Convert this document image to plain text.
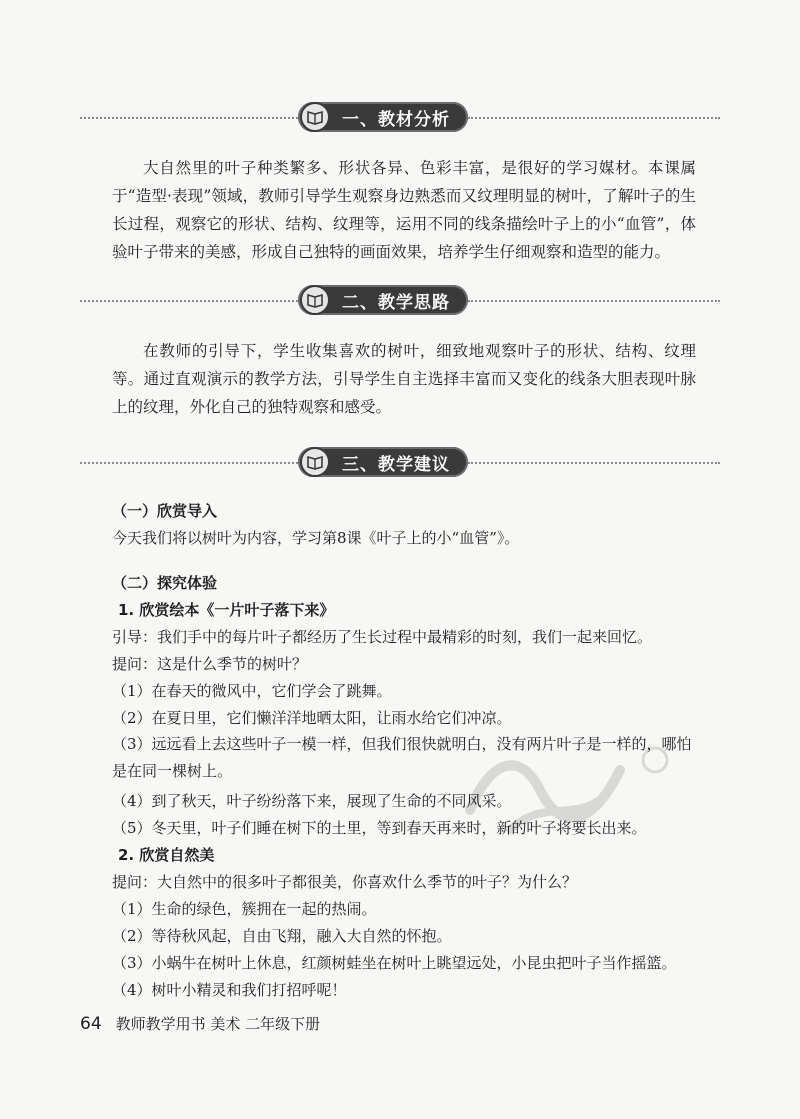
一、教材分析

大自然里的叶子种类繁多、形状各异、色彩丰富，是很好的学习媒材。本课属于“造型·表现”领域，教师引导学生观察身边熟悉而又纹理明显的树叶，了解叶子的生长过程，观察它的形状、结构、纹理等，运用不同的线条描绘叶子上的小“血管”，体验叶子带来的美感，形成自己独特的画面效果，培养学生仔细观察和造型的能力。

二、教学思路

在教师的引导下，学生收集喜欢的树叶，细致地观察叶子的形状、结构、纹理等。通过直观演示的教学方法，引导学生自主选择丰富而又变化的线条大胆表现叶脉上的纹理，外化自己的独特观察和感受。

三、教学建议

（一）欣赏导入

今天我们将以树叶为内容，学习第8课《叶子上的小“血管”》。

（二）探究体验

1. 欣赏绘本《一片叶子落下来》

引导：我们手中的每片叶子都经历了生长过程中最精彩的时刻，我们一起来回忆。

提问：这是什么季节的树叶？

（1）在春天的微风中，它们学会了跳舞。

（2）在夏日里，它们懒洋洋地晒太阳，让雨水给它们冲凉。

（3）远远看上去这些叶子一模一样，但我们很快就明白，没有两片叶子是一样的，哪怕是在同一棵树上。

（4）到了秋天，叶子纷纷落下来，展现了生命的不同风采。

（5）冬天里，叶子们睡在树下的土里，等到春天再来时，新的叶子将要长出来。

2. 欣赏自然美

提问：大自然中的很多叶子都很美，你喜欢什么季节的叶子？为什么？

（1）生命的绿色，簇拥在一起的热闹。

（2）等待秋风起，自由飞翔，融入大自然的怀抱。

（3）小蜗牛在树叶上休息，红颜树蛙坐在树叶上眺望远处，小昆虫把叶子当作摇篮。

（4）树叶小精灵和我们打招呼呢！

64 教师教学用书 美术 二年级下册
